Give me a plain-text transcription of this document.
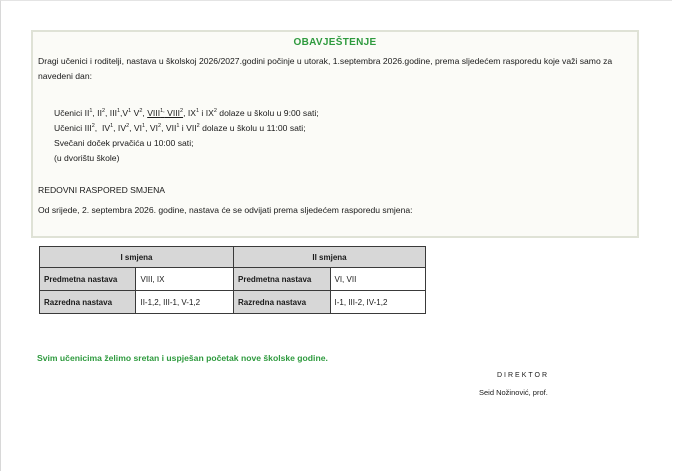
OBAVJEŠTENJE
Dragi učenici i roditelji, nastava u školskoj 2026/2027.godini počinje u utorak, 1.septembra 2026.godine, prema sljedećem rasporedu koje važi samo za navedeni dan:
Učenici $II^1$, $II^2$, $III^1,V^1$ $V^2$, $VIII^{1,}$ VIII$^2$, $IX^1$ i $IX^2$ dolaze u školu u 9:00 sati;
Učenici III$^2$,  $IV^1$, $IV^2$, $VI^1$, $VI^2$, VII$^1$ i VII$^2$ dolaze u školu u 11:00 sati;
Svečani doček prvačića u 10:00 sati;
(u dvorištu škole)
REDOVNI RASPORED SMJENA
Od srijede, 2. septembra 2026. godine, nastava će se odvijati prema sljedećem rasporedu smjena:
I smjena		II smjena	
Predmetna nastava	VIII, IX	Predmetna nastava	VI, VII
Razredna nastava	II-1,2, III-1, V-1,2	Razredna nastava	I-1, III-2, IV-1,2
Svim učenicima želimo sretan i uspješan početak nove školske godine.
DIREKTOR
Seid Nožinović, prof.
